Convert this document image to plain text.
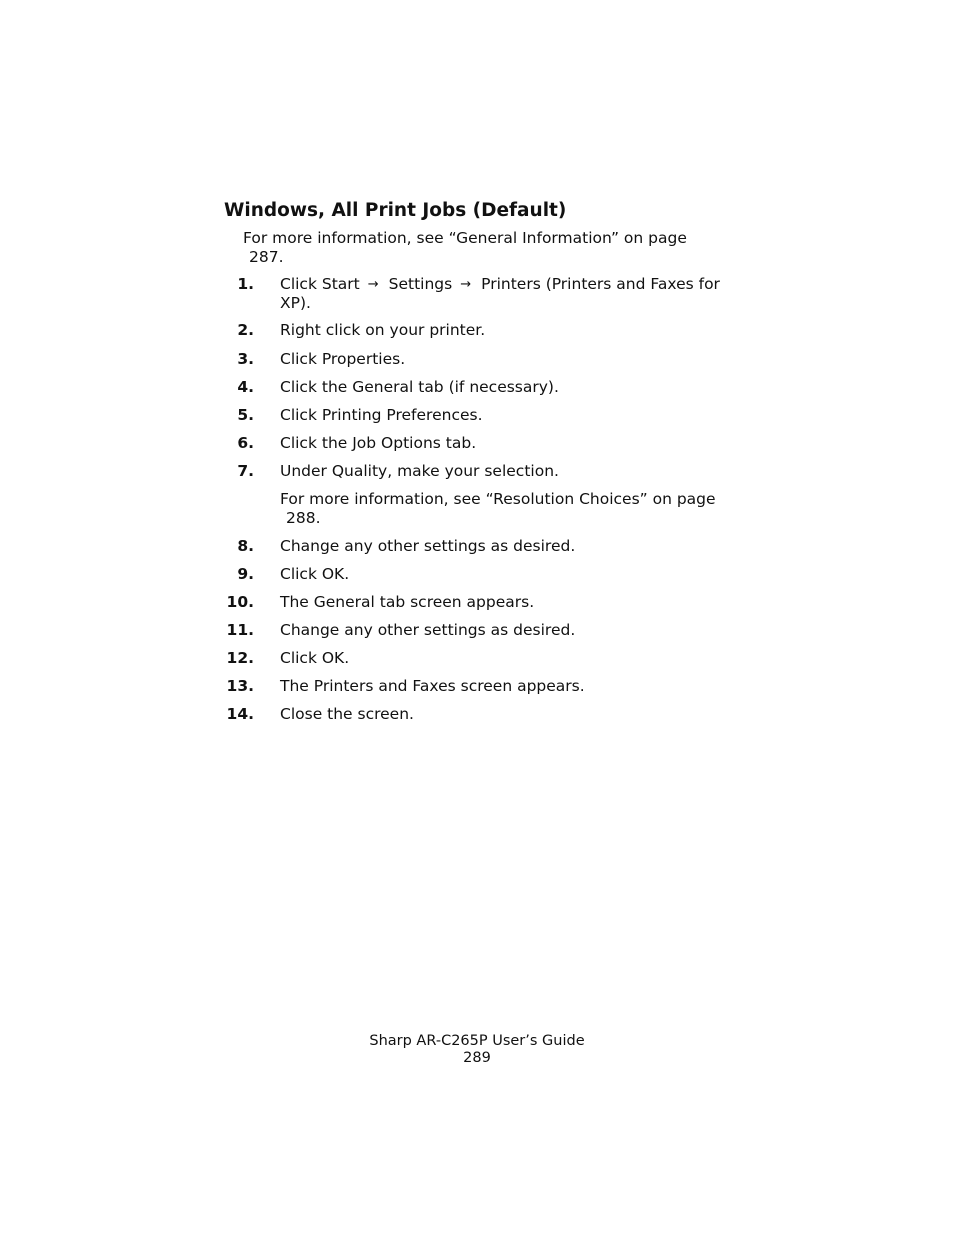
Windows, All Print Jobs (Default)

For more information, see “General Information” on page
287.

1. Click Start → Settings → Printers (Printers and Faxes for XP).
2. Right click on your printer.
3. Click Properties.
4. Click the General tab (if necessary).
5. Click Printing Preferences.
6. Click the Job Options tab.
7. Under Quality, make your selection.
For more information, see “Resolution Choices” on page
288.
8. Change any other settings as desired.
9. Click OK.
10. The General tab screen appears.
11. Change any other settings as desired.
12. Click OK.
13. The Printers and Faxes screen appears.
14. Close the screen.
Sharp AR-C265P User’s Guide
289
